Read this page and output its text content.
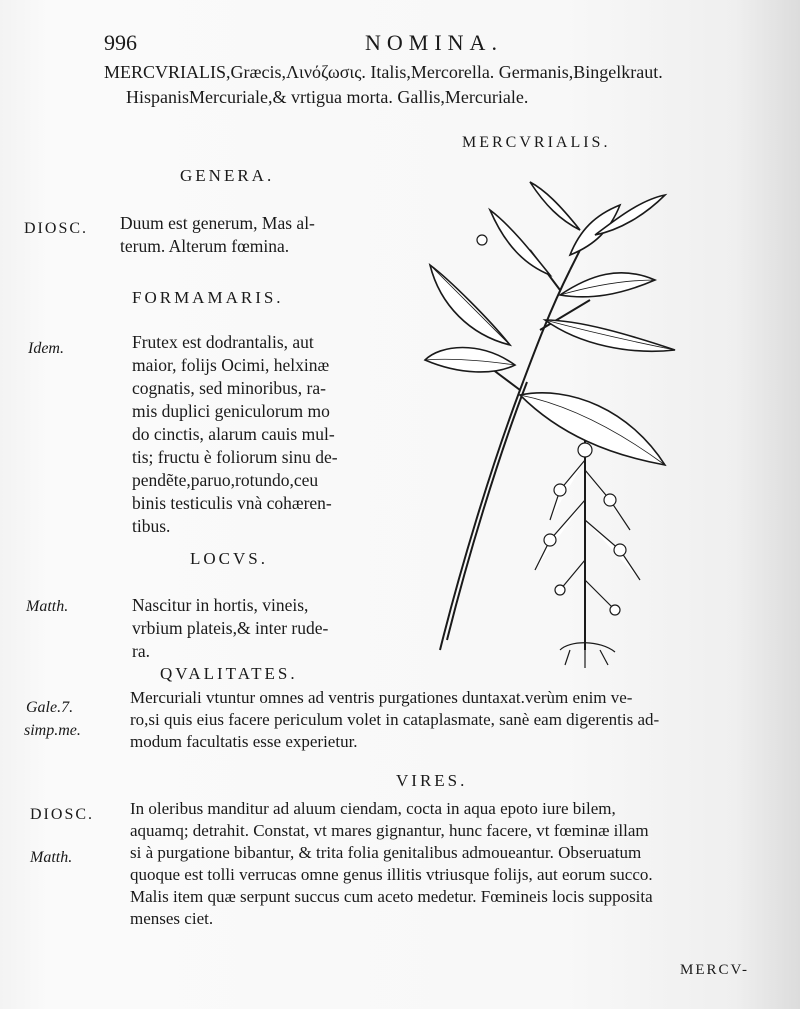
996	NOMINA.
MERCVRIALIS,Græcis,Λινόζωσις. Italis,Mercorella. Germanis,Bingelkraut.
HispanisMercuriale,& vrtigua morta. Gallis,Mercuriale.
MERCVRIALIS.
GENERA.
DIOSC. Duum est generum, Mas al-
terum. Alterum fœmina.
FORMAMARIS.
Idem.	Frutex est dodrantalis, aut
maior, folijs Ocimi, helxinæ
cognatis, sed minoribus, ra-
mis duplici geniculorum mo
do cinctis, alarum cauis mul-
tis; fructu è foliorum sinu de-
pendẽte,paruo,rotundo,ceu
binis testiculis vnà cohæren-
tibus.
LOCVS.
Matth.	Nascitur in hortis, vineis,
vrbium plateis,& inter rude-
ra.
QVALITATES.
Gale.7.
simp.me.
Mercuriali vtuntur omnes ad ventris purgationes duntaxat.verùm enim ve-
ro,si quis eius facere periculum volet in cataplasmate, sanè eam digerentis ad-
modum facultatis esse experietur.
VIRES.
DIOSC.
Matth.
In oleribus manditur ad aluum ciendam, cocta in aqua epoto iure bilem,
aquamq; detrahit. Constat, vt mares gignantur, hunc facere, vt fœminæ illam
si à purgatione bibantur, & trita folia genitalibus admoueantur. Obseruatum
quoque est tolli verrucas omne genus illitis vtriusque folijs, aut eorum succo.
Malis item quæ serpunt succus cum aceto medetur. Fœmineis locis supposita
menses ciet.
MERCV-
